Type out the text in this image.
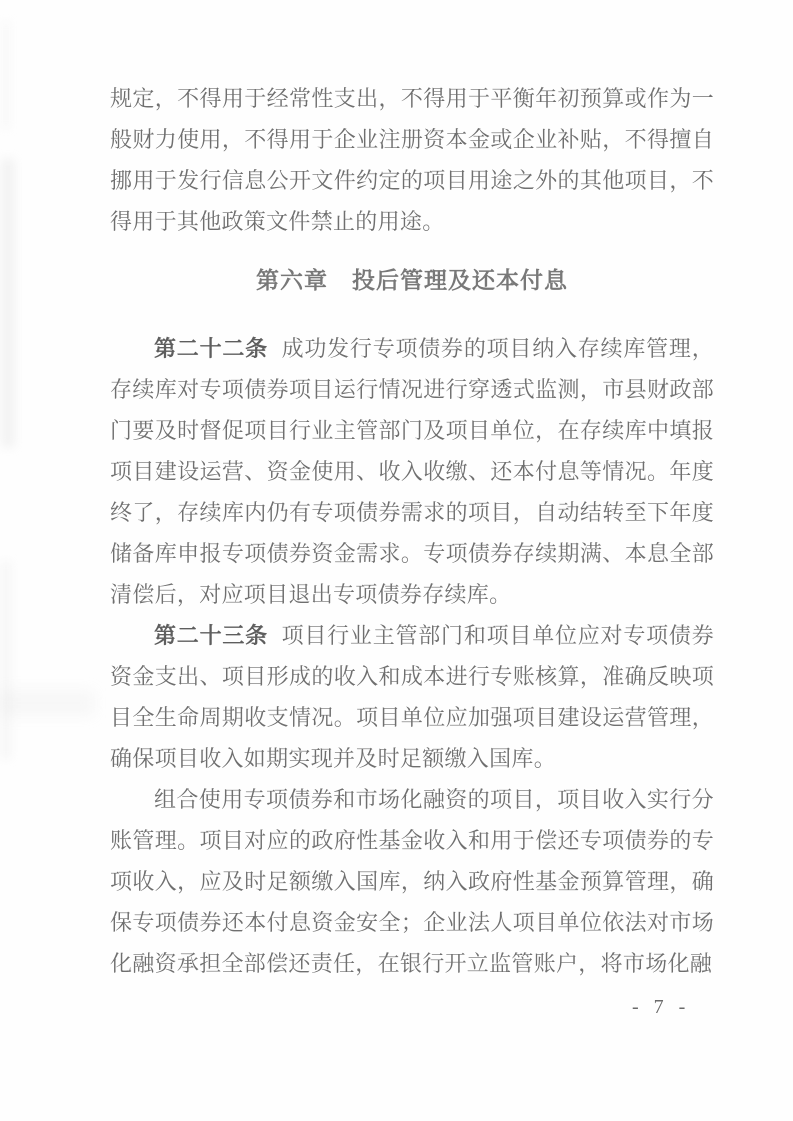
规定，不得用于经常性支出，不得用于平衡年初预算或作为一般财力使用，不得用于企业注册资本金或企业补贴，不得擅自挪用于发行信息公开文件约定的项目用途之外的其他项目，不得用于其他政策文件禁止的用途。

第六章　投后管理及还本付息

第二十二条 成功发行专项债券的项目纳入存续库管理，存续库对专项债券项目运行情况进行穿透式监测，市县财政部门要及时督促项目行业主管部门及项目单位，在存续库中填报项目建设运营、资金使用、收入收缴、还本付息等情况。年度终了，存续库内仍有专项债券需求的项目，自动结转至下年度储备库申报专项债券资金需求。专项债券存续期满、本息全部清偿后，对应项目退出专项债券存续库。

第二十三条 项目行业主管部门和项目单位应对专项债券资金支出、项目形成的收入和成本进行专账核算，准确反映项目全生命周期收支情况。项目单位应加强项目建设运营管理，确保项目收入如期实现并及时足额缴入国库。

组合使用专项债券和市场化融资的项目，项目收入实行分账管理。项目对应的政府性基金收入和用于偿还专项债券的专项收入，应及时足额缴入国库，纳入政府性基金预算管理，确保专项债券还本付息资金安全；企业法人项目单位依法对市场化融资承担全部偿还责任，在银行开立监管账户，将市场化融

- 7 -
